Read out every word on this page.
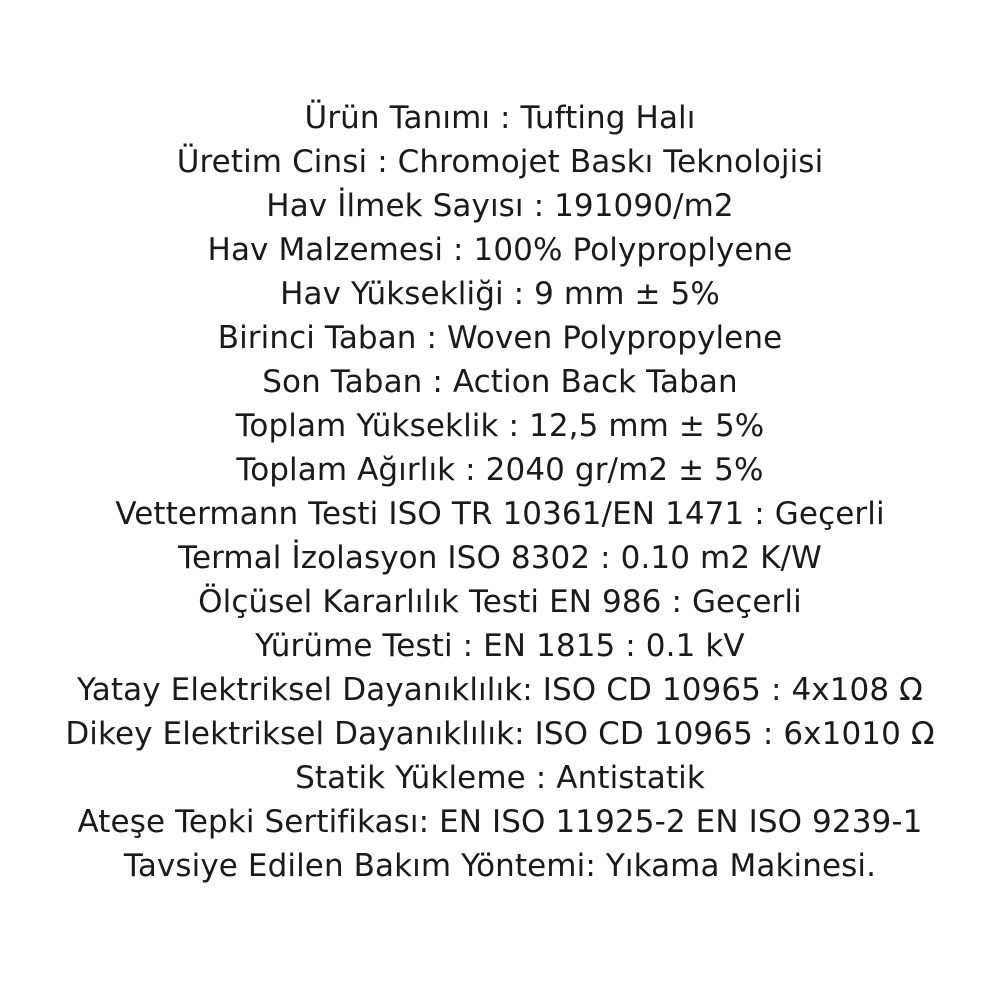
Ürün Tanımı : Tufting Halı
Üretim Cinsi : Chromojet Baskı Teknolojisi
Hav İlmek Sayısı : 191090/m2
Hav Malzemesi : 100% Polyproplyene
Hav Yüksekliği : 9 mm ± 5%
Birinci Taban : Woven Polypropylene
Son Taban : Action Back Taban
Toplam Yükseklik : 12,5 mm ± 5%
Toplam Ağırlık : 2040 gr/m2 ± 5%
Vettermann Testi ISO TR 10361/EN 1471 : Geçerli
Termal İzolasyon ISO 8302 : 0.10 m2 K/W
Ölçüsel Kararlılık Testi EN 986 : Geçerli
Yürüme Testi : EN 1815 : 0.1 kV
Yatay Elektriksel Dayanıklılık: ISO CD 10965 : 4x108 Ω
Dikey Elektriksel Dayanıklılık: ISO CD 10965 : 6x1010 Ω
Statik Yükleme : Antistatik
Ateşe Tepki Sertifikası: EN ISO 11925-2 EN ISO 9239-1
Tavsiye Edilen Bakım Yöntemi: Yıkama Makinesi.
